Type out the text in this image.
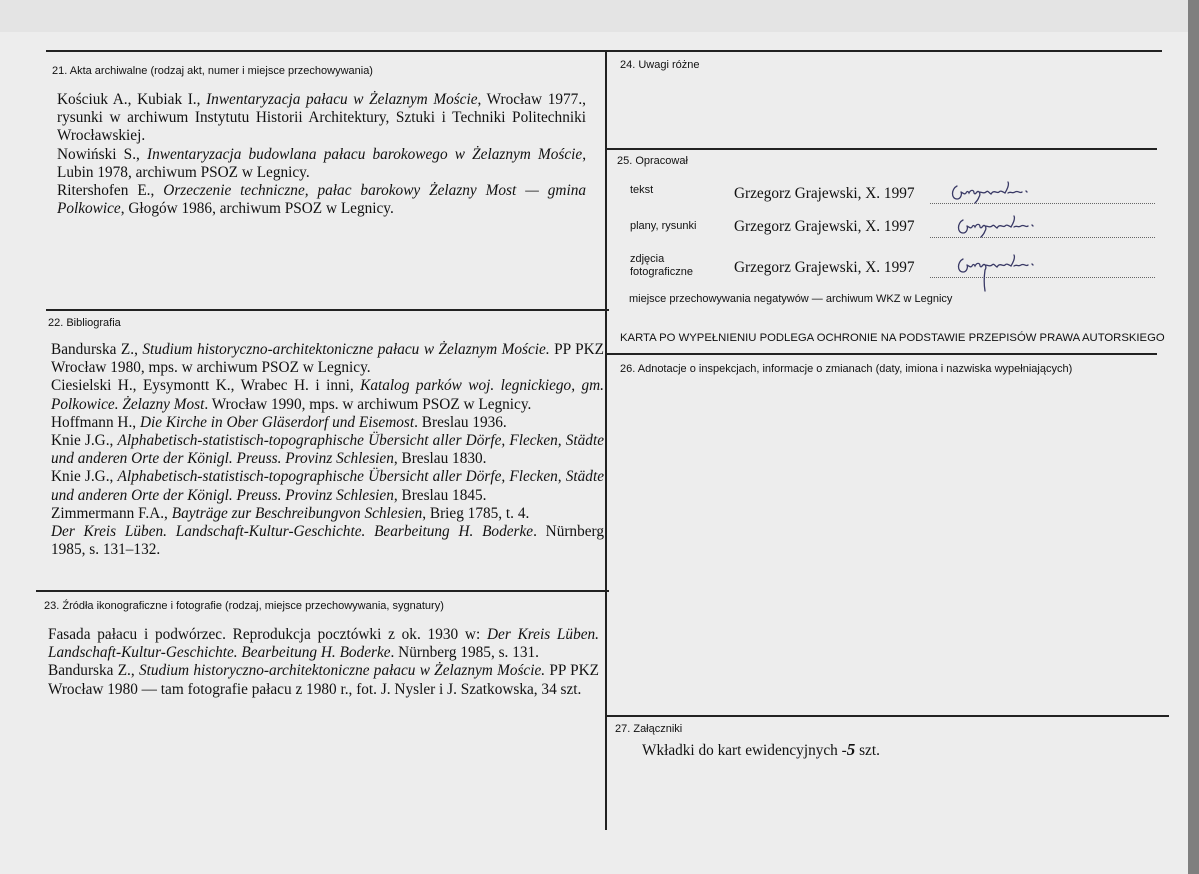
21. Akta archiwalne (rodzaj akt, numer i miejsce przechowywania)

Kościuk A., Kubiak I., Inwentaryzacja pałacu w Żelaznym Moście, Wrocław 1977., rysunki w archiwum Instytutu Historii Architektury, Sztuki i Techniki Politechniki Wrocławskiej.

Nowiński S., Inwentaryzacja budowlana pałacu barokowego w Żelaznym Moście, Lubin 1978, archiwum PSOZ w Legnicy.

Ritershofen E., Orzeczenie techniczne, pałac barokowy Żelazny Most — gmina Polkowice, Głogów 1986, archiwum PSOZ w Legnicy.

22. Bibliografia

Bandurska Z., Studium historyczno-architektoniczne pałacu w Żelaznym Moście. PP PKZ Wrocław 1980, mps. w archiwum PSOZ w Legnicy.

Ciesielski H., Eysymontt K., Wrabec H. i inni, Katalog parków woj. legnickiego, gm. Polkowice. Żelazny Most. Wrocław 1990, mps. w archiwum PSOZ w Legnicy.

Hoffmann H., Die Kirche in Ober Gläserdorf und Eisemost. Breslau 1936.

Knie J.G., Alphabetisch-statistisch-topographische Übersicht aller Dörfe, Flecken, Städte und anderen Orte der Königl. Preuss. Provinz Schlesien, Breslau 1830.

Knie J.G., Alphabetisch-statistisch-topographische Übersicht aller Dörfe, Flecken, Städte und anderen Orte der Königl. Preuss. Provinz Schlesien, Breslau 1845.

Zimmermann F.A., Bayträge zur Beschreibungvon Schlesien, Brieg 1785, t. 4.

Der Kreis Lüben. Landschaft-Kultur-Geschichte. Bearbeitung H. Boderke. Nürnberg 1985, s. 131–132.

23. Źródła ikonograficzne i fotografie (rodzaj, miejsce przechowywania, sygnatury)

Fasada pałacu i podwórzec. Reprodukcja pocztówki z ok. 1930 w: Der Kreis Lüben. Landschaft-Kultur-Geschichte. Bearbeitung H. Boderke. Nürnberg 1985, s. 131.

Bandurska Z., Studium historyczno-architektoniczne pałacu w Żelaznym Moście. PP PKZ Wrocław 1980 — tam fotografie pałacu z 1980 r., fot. J. Nysler i J. Szatkowska, 34 szt.

24. Uwagi różne
25. Opracował
tekst	Grzegorz Grajewski, X. 1997
plany, rysunki Grzegorz Grajewski, X. 1997
zdjęcia
fotograficzne	Grzegorz Grajewski, X. 1997
miejsce przechowywania negatywów — archiwum WKZ w Legnicy
KARTA PO WYPEŁNIENIU PODLEGA OCHRONIE NA PODSTAWIE PRZEPISÓW PRAWA AUTORSKIEGO
26. Adnotacje o inspekcjach, informacje o zmianach (daty, imiona i nazwiska wypełniających)
27. Załączniki
Wkładki do kart ewidencyjnych -5 szt.
